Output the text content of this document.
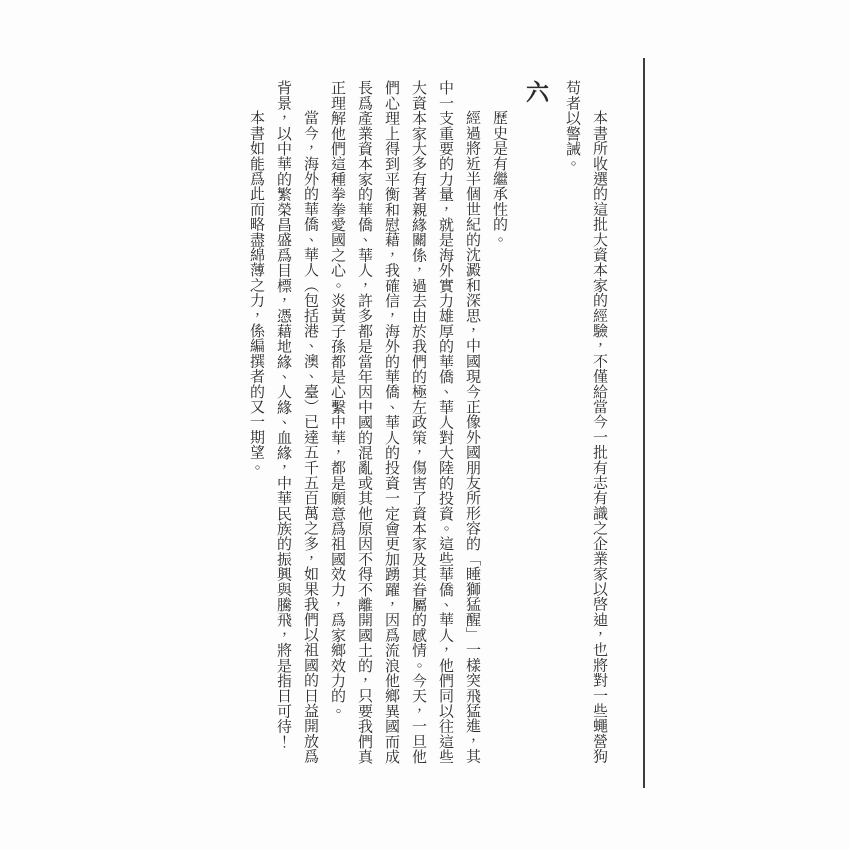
本書所收選的這批大資本家的經驗，不僅給當今一批有志有識之企業家以啓迪，也將對一些蠅營狗苟者以警誡。

六

歷史是有繼承性的。

經過將近半個世紀的沈澱和深思，中國現今正像外國朋友所形容的「睡獅猛醒」一樣突飛猛進，其中一支重要的力量，就是海外實力雄厚的華僑、華人對大陸的投資。這些華僑、華人，他們同以往這些大資本家大多有著親緣關係，過去由於我們的極左政策，傷害了資本家及其眷屬的感情。今天，一旦他們心理上得到平衡和慰藉，我確信，海外的華僑、華人的投資一定會更加踴躍，因爲流浪他鄉異國而成長爲產業資本家的華僑、華人，許多都是當年因中國的混亂或其他原因不得不離開國土的，只要我們真正理解他們這種拳拳愛國之心。炎黃子孫都是心繫中華，都是願意爲祖國效力，爲家鄉效力的。

當今，海外的華僑、華人（包括港、澳、臺）已達五千五百萬之多，如果我們以祖國的日益開放爲背景，以中華的繁榮昌盛爲目標，憑藉地緣、人緣、血緣，中華民族的振興與騰飛，將是指日可待！

本書如能爲此而略盡綿薄之力，係編撰者的又一期望。
